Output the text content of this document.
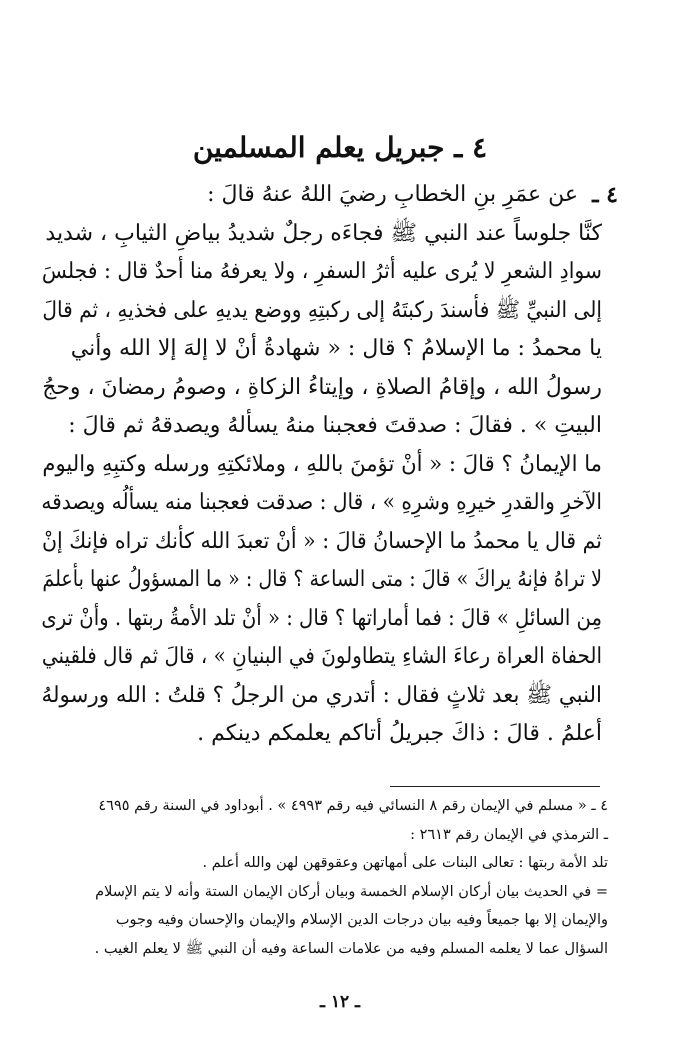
٤ ـ جبريل يعلم المسلمين
٤ ـ
عن عمَرِ بنِ الخطابِ رضيَ اللهُ عنهُ قالَ :
كنَّا جلوساً عند النبي ﷺ فجاءَه رجلٌ شديدُ بياضِ الثيابِ ، شديد
سوادِ الشعرِ لا يُرى عليه أثرُ السفرِ ، ولا يعرفهُ منا أحدٌ قال : فجلسَ
إلى النبيِّ ﷺ فأسندَ ركبتَهُ إلى ركبتِهِ ووضع يديهِ على فخذيهِ ، ثم قالَ
يا محمدُ : ما الإسلامُ ؟ قال : « شهادةُ أنْ لا إلهَ إلا الله وأني
رسولُ الله ، وإقامُ الصلاةِ ، وإيتاءُ الزكاةِ ، وصومُ رمضانَ ، وحجُ
البيتِ » . فقالَ : صدقتَ فعجبنا منهُ يسألهُ ويصدقهُ ثم قالَ :
ما الإيمانُ ؟ قالَ : « أنْ تؤمنَ باللهِ ، وملائكتِهِ ورسله وكتبِهِ واليوم
الآخرِ والقدرِ خيرِهِ وشرِهِ » ، قال : صدقت فعجبنا منه يسألُه ويصدقه
ثم قال يا محمدُ ما الإحسانُ قالَ : « أنْ تعبدَ الله كأنك تراه فإنكَ إنْ
لا تراهُ فإنهُ يراكَ » قالَ : متى الساعة ؟ قال : « ما المسؤولُ عنها بأعلمَ
مِن السائلِ » قالَ : فما أماراتها ؟ قال : « أنْ تلد الأمةُ ربتها . وأنْ ترى
الحفاة العراة رعاءَ الشاءِ يتطاولونَ في البنيانِ » ، قالَ ثم قال فلقيني
النبي ﷺ بعد ثلاثٍ فقال : أتدري من الرجلُ ؟ قلتُ : الله ورسولهُ
أعلمُ . قالَ : ذاكَ جبريلُ أتاكم يعلمكم دينكم .
٤ ـ « مسلم في الإيمان رقم ٨ النسائي فيه رقم ٤٩٩٣ » . أبوداود في السنة رقم ٤٦٩٥
ـ الترمذي في الإيمان رقم ٢٦١٣ :
تلد الأمة ربتها : تعالى البنات على أمهاتهن وعقوقهن لهن والله أعلم .
= في الحديث بيان أركان الإسلام الخمسة وبيان أركان الإيمان الستة وأنه لا يتم الإسلام
والإيمان إلا بها جميعاً وفيه بيان درجات الدين الإسلام والإيمان والإحسان وفيه وجوب
السؤال عما لا يعلمه المسلم وفيه من علامات الساعة وفيه أن النبي ﷺ لا يعلم الغيب .
ـ ١٢ ـ
